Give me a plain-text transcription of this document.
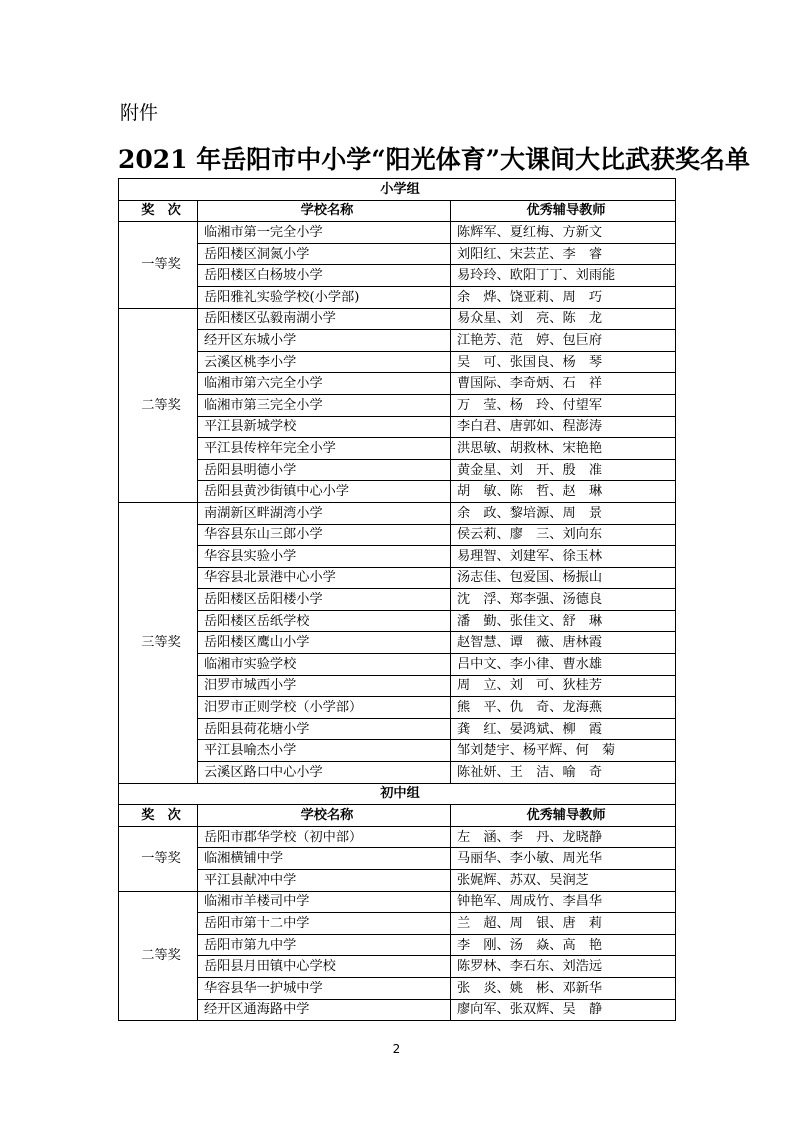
附件
2021 年岳阳市中小学“阳光体育”大课间大比武获奖名单
小学组		
奖　次	学校名称	优秀辅导教师
一等奖	临湘市第一完全小学	陈辉军、夏红梅、方新文
	岳阳楼区洞氮小学	刘阳红、宋芸芷、李　睿
	岳阳楼区白杨坡小学	易玲玲、欧阳丁丁、刘雨能
	岳阳雅礼实验学校(小学部)	余　烨、饶亚莉、周　巧
二等奖	岳阳楼区弘毅南湖小学	易众星、刘　亮、陈　龙
	经开区东城小学	江艳芳、范　婷、包巨府
	云溪区桃李小学	吴　可、张国良、杨　琴
	临湘市第六完全小学	曹国际、李奇炳、石　祥
	临湘市第三完全小学	万　莹、杨　玲、付望军
	平江县新城学校	李白君、唐郭如、程澎涛
	平江县传梓年完全小学	洪思敏、胡救林、宋艳艳
	岳阳县明德小学	黄金星、刘　开、殷　准
	岳阳县黄沙街镇中心小学	胡　敏、陈　哲、赵　琳
三等奖	南湖新区畔湖湾小学	余　政、黎培源、周　景
	华容县东山三郎小学	侯云莉、廖　三、刘向东
	华容县实验小学	易理智、刘建军、徐玉林
	华容县北景港中心小学	汤志佳、包爱国、杨振山
	岳阳楼区岳阳楼小学	沈　浮、郑李强、汤德良
	岳阳楼区岳纸学校	潘　勤、张佳文、舒　琳
	岳阳楼区鹰山小学	赵智慧、谭　薇、唐林霞
	临湘市实验学校	吕中文、李小律、曹水雄
	汨罗市城西小学	周　立、刘　可、狄桂芳
	汨罗市正则学校（小学部）	熊　平、仇　奇、龙海燕
	岳阳县荷花塘小学	龚　红、晏鸿斌、柳　霞
	平江县喻杰小学	邹刘楚宇、杨平辉、何　菊
	云溪区路口中心小学	陈祉妍、王　洁、喻　奇
初中组		
奖　次	学校名称	优秀辅导教师
一等奖	岳阳市郡华学校（初中部）	左　涵、李　丹、龙晓静
	临湘横铺中学	马丽华、李小敏、周光华
	平江县献冲中学	张娓辉、苏双、吴润芝
二等奖	临湘市羊楼司中学	钟艳军、周成竹、李昌华
	岳阳市第十二中学	兰　超、周　银、唐　莉
	岳阳市第九中学	李　刚、汤　焱、高　艳
	岳阳县月田镇中心学校	陈罗林、李石东、刘浩远
	华容县华一护城中学	张　炎、姚　彬、邓新华
	经开区通海路中学	廖向军、张双辉、吴　静
2
